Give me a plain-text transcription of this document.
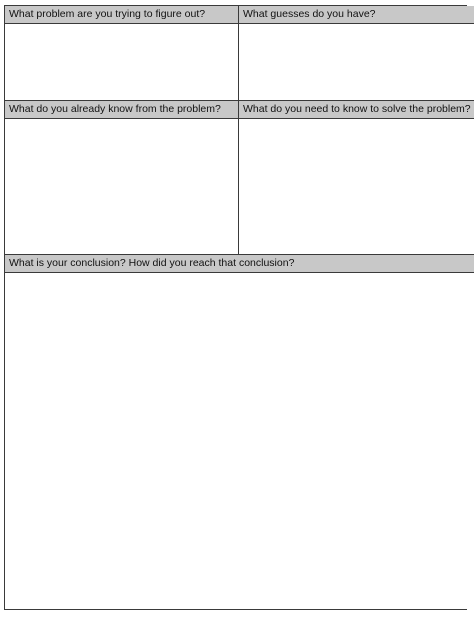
What problem are you trying to figure out?	What guesses do you have?
What do you already know from the problem?	What do you need to know to solve the problem?
What is your conclusion? How did you reach that conclusion?
